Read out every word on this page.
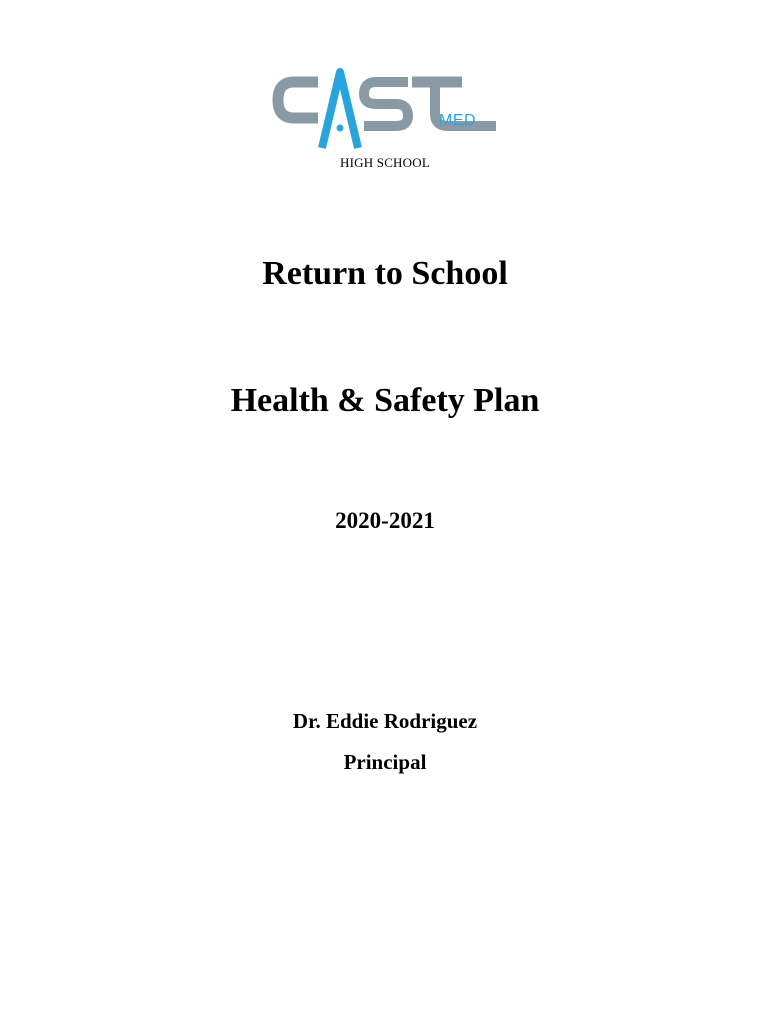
MED
HIGH SCHOOL
Return to School
Health & Safety Plan
2020-2021
Dr. Eddie Rodriguez
Principal
